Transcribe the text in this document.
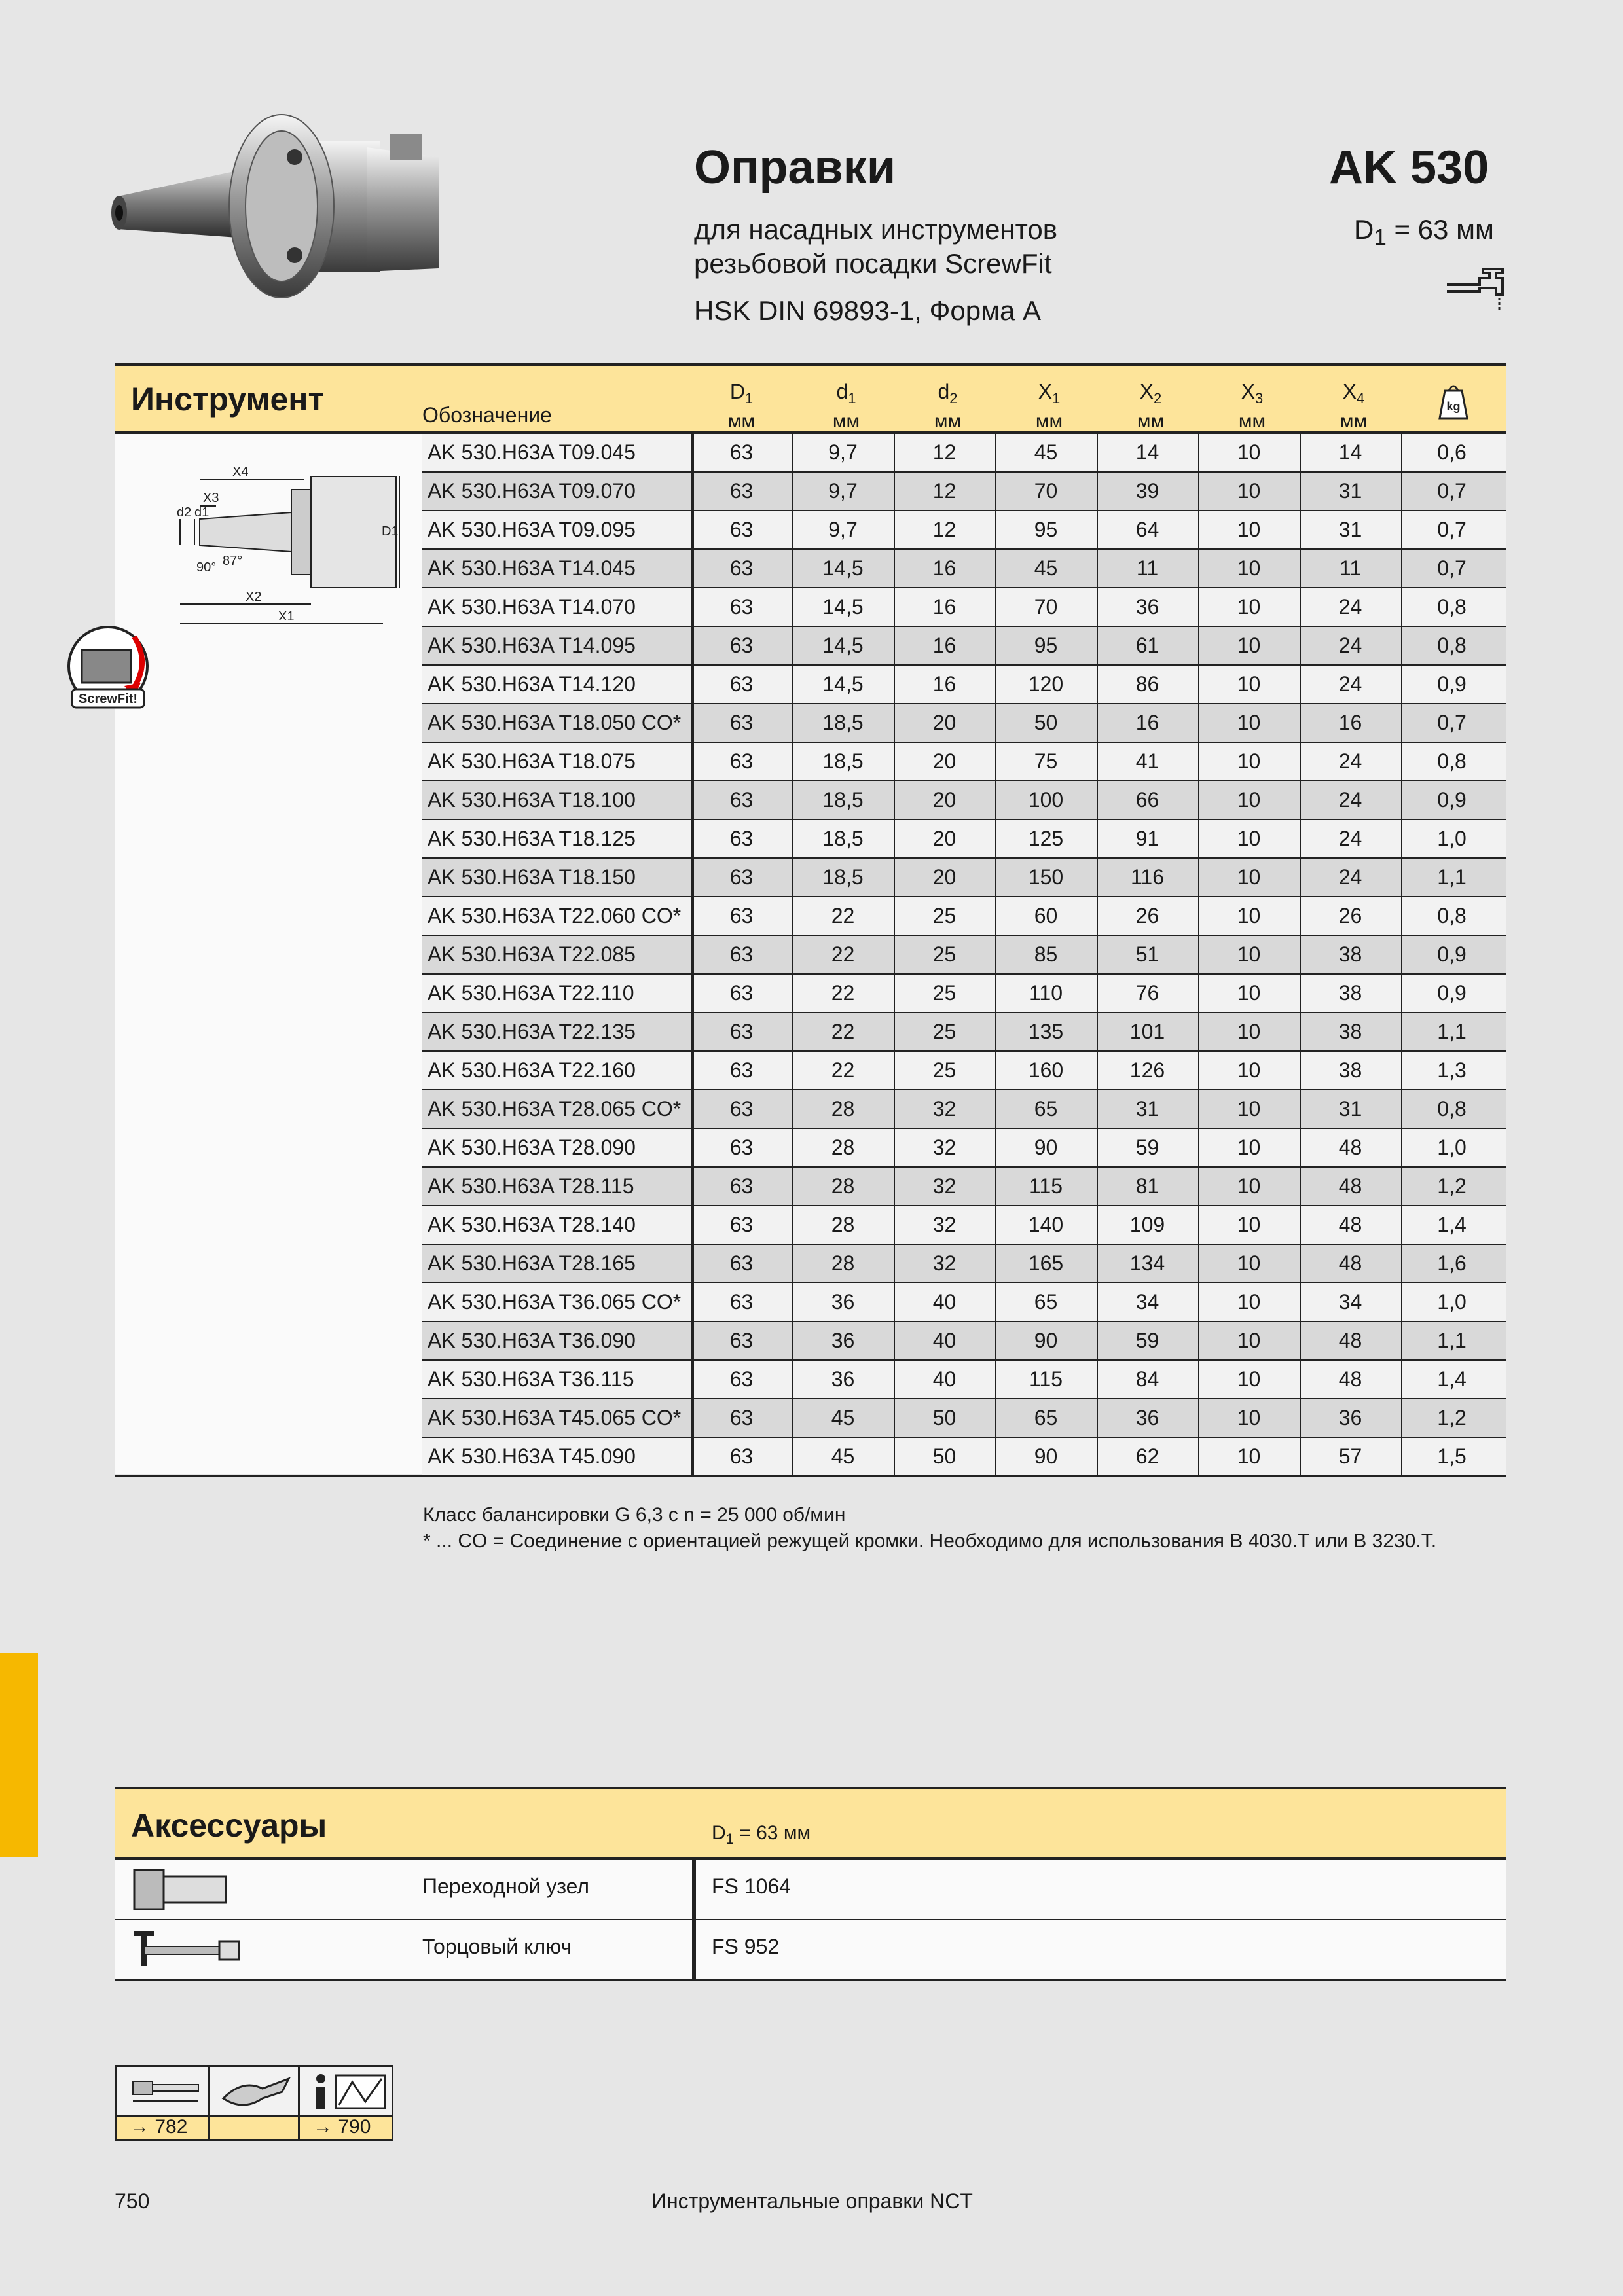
Оправки	AK 530
для насадных инструментов
резьбовой посадки ScrewFit
HSK DIN 69893-1, Форма A
$D_1 = 63$ мм
Инструмент	Обозначение
$D_1$
мм
$d_1$
мм
$d_2$
мм
$X_1$
мм
$X_2$
мм
$X_3$
мм
$X_4$
мм
kg
X4
X3
X2
X1
d2 d1
D1
90° 87°
ScrewFit!
AK 530.H63A T09.045	63	9,7	12	45	14	10	14	0,6
AK 530.H63A T09.070	63	9,7	12	70	39	10	31	0,7
AK 530.H63A T09.095	63	9,7	12	95	64	10	31	0,7
AK 530.H63A T14.045	63	14,5	16	45	11	10	11	0,7
AK 530.H63A T14.070	63	14,5	16	70	36	10	24	0,8
AK 530.H63A T14.095	63	14,5	16	95	61	10	24	0,8
AK 530.H63A T14.120	63	14,5	16	120	86	10	24	0,9
AK 530.H63A T18.050 CO*	63	18,5	20	50	16	10	16	0,7
AK 530.H63A T18.075	63	18,5	20	75	41	10	24	0,8
AK 530.H63A T18.100	63	18,5	20	100	66	10	24	0,9
AK 530.H63A T18.125	63	18,5	20	125	91	10	24	1,0
AK 530.H63A T18.150	63	18,5	20	150	116	10	24	1,1
AK 530.H63A T22.060 CO*	63	22	25	60	26	10	26	0,8
AK 530.H63A T22.085	63	22	25	85	51	10	38	0,9
AK 530.H63A T22.110	63	22	25	110	76	10	38	0,9
AK 530.H63A T22.135	63	22	25	135	101	10	38	1,1
AK 530.H63A T22.160	63	22	25	160	126	10	38	1,3
AK 530.H63A T28.065 CO*	63	28	32	65	31	10	31	0,8
AK 530.H63A T28.090	63	28	32	90	59	10	48	1,0
AK 530.H63A T28.115	63	28	32	115	81	10	48	1,2
AK 530.H63A T28.140	63	28	32	140	109	10	48	1,4
AK 530.H63A T28.165	63	28	32	165	134	10	48	1,6
AK 530.H63A T36.065 CO*	63	36	40	65	34	10	34	1,0
AK 530.H63A T36.090	63	36	40	90	59	10	48	1,1
AK 530.H63A T36.115	63	36	40	115	84	10	48	1,4
AK 530.H63A T45.065 CO*	63	45	50	65	36	10	36	1,2
AK 530.H63A T45.090	63	45	50	90	62	10	57	1,5
Класс балансировки G 6,3 с n = 25 000 об/мин
* ... CO = Соединение с ориентацией режущей кромки. Необходимо для использования B 4030.T или B 3230.T.
Аксессуары	$D_1 = 63$ мм
Переходной узел	FS 1064
Торцовый ключ	FS 952
→ 782	→ 790
750	Инструментальные оправки NCT
